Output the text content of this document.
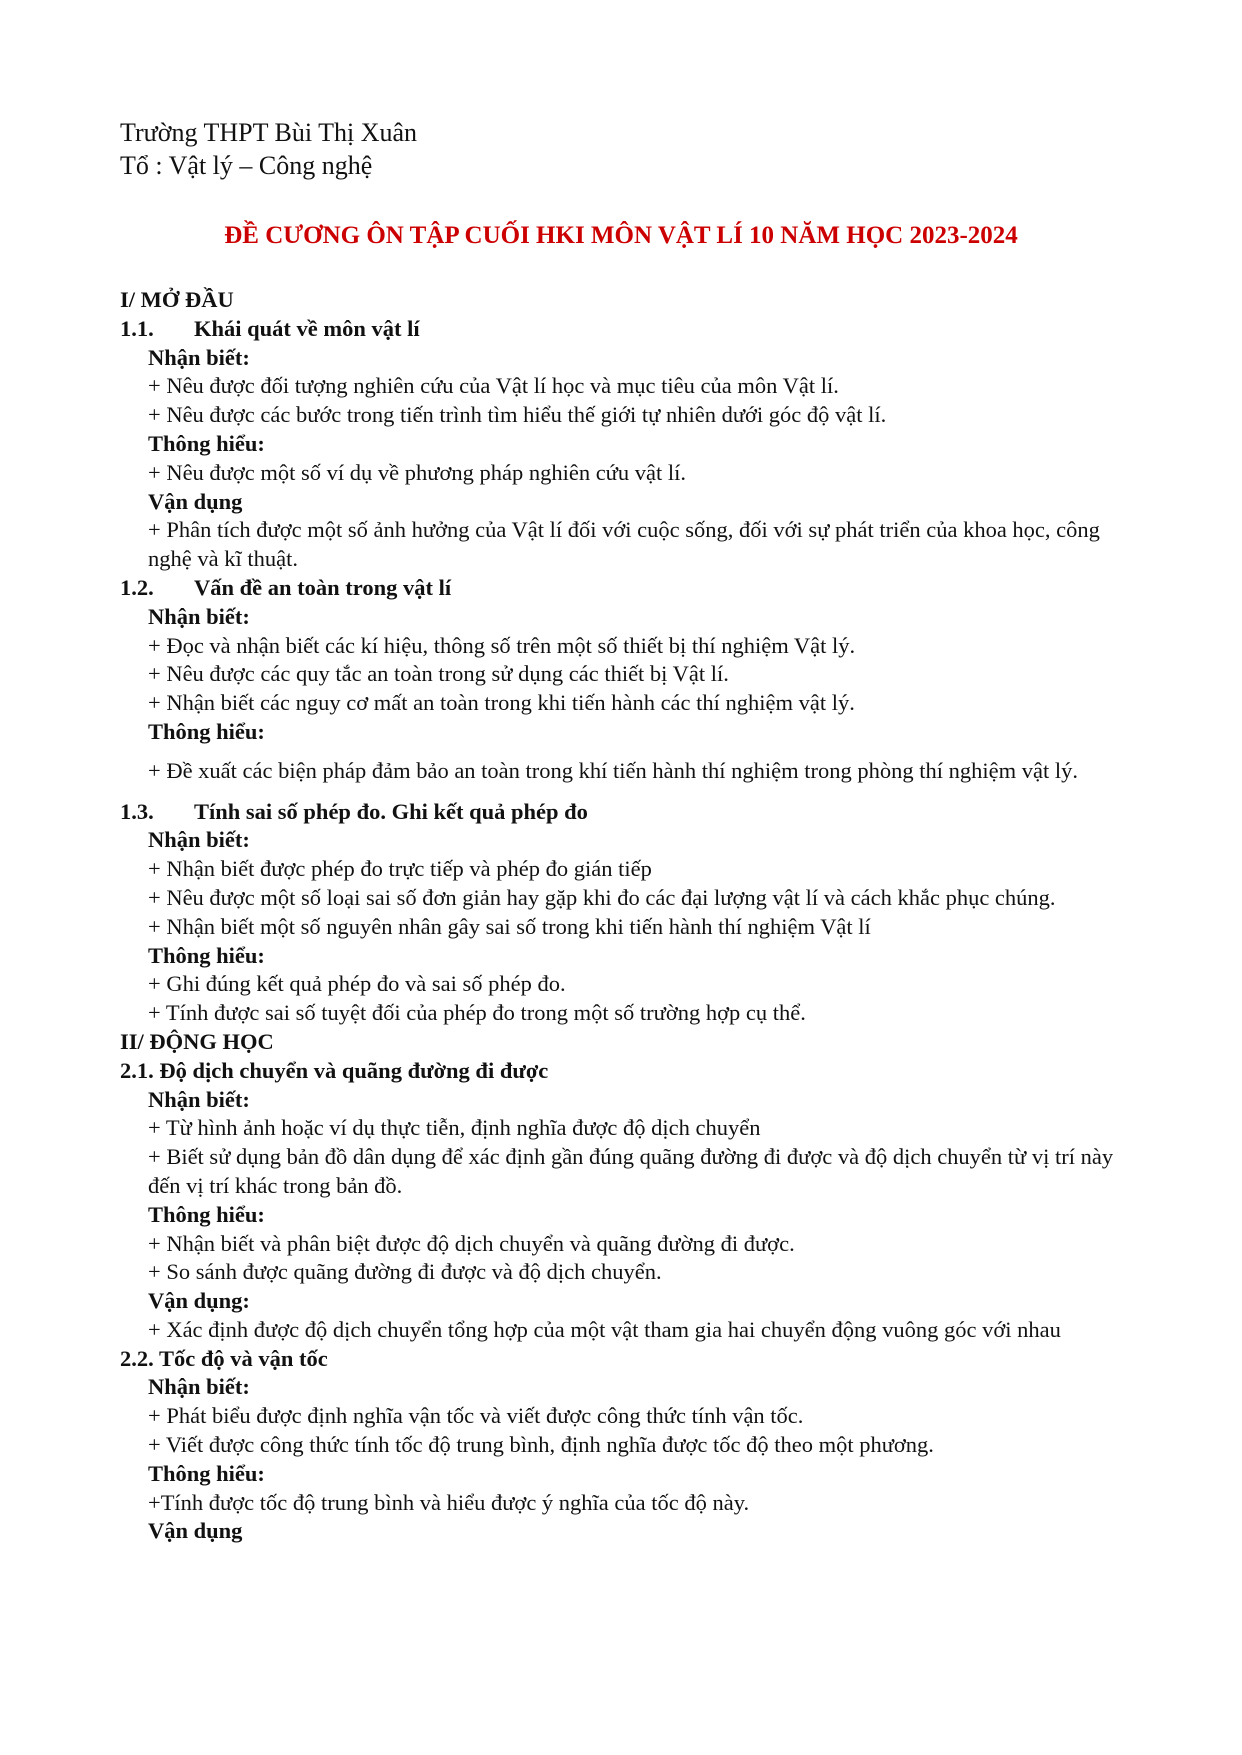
Trường THPT Bùi Thị Xuân
Tổ : Vật lý – Công nghệ
ĐỀ CƯƠNG ÔN TẬP CUỐI HKI MÔN VẬT LÍ 10 NĂM HỌC 2023-2024
I/ MỞ ĐẦU
1.1.	Khái quát về môn vật lí
Nhận biết:
+ Nêu được đối tượng nghiên cứu của Vật lí học và mục tiêu của môn Vật lí.
+ Nêu được các bước trong tiến trình tìm hiểu thế giới tự nhiên dưới góc độ vật lí.
Thông hiểu:
+ Nêu được một số ví dụ về phương pháp nghiên cứu vật lí.
Vận dụng
+ Phân tích được một số ảnh hưởng của Vật lí đối với cuộc sống, đối với sự phát triển của khoa học, công nghệ và kĩ thuật.
1.2.	Vấn đề an toàn trong vật lí
Nhận biết:
+ Đọc và nhận biết các kí hiệu, thông số trên một số thiết bị thí nghiệm Vật lý.
+ Nêu được các quy tắc an toàn trong sử dụng các thiết bị Vật lí.
+ Nhận biết các nguy cơ mất an toàn trong khi tiến hành các thí nghiệm vật lý.
Thông hiểu:
+ Đề xuất các biện pháp đảm bảo an toàn trong khí tiến hành thí nghiệm trong phòng thí nghiệm vật lý.
1.3.	Tính sai số phép đo. Ghi kết quả phép đo
Nhận biết:
+ Nhận biết được phép đo trực tiếp và phép đo gián tiếp
+ Nêu được một số loại sai số đơn giản hay gặp khi đo các đại lượng vật lí và cách khắc phục chúng.
+ Nhận biết một số nguyên nhân gây sai số trong khi tiến hành thí nghiệm Vật lí
Thông hiểu:
+ Ghi đúng kết quả phép đo và sai số phép đo.
+ Tính được sai số tuyệt đối của phép đo trong một số trường hợp cụ thể.
II/ ĐỘNG HỌC
2.1. Độ dịch chuyển và quãng đường đi được
Nhận biết:
+ Từ hình ảnh hoặc ví dụ thực tiễn, định nghĩa được độ dịch chuyển
+ Biết sử dụng bản đồ dân dụng để xác định gần đúng quãng đường đi được và độ dịch chuyển từ vị trí này đến vị trí khác trong bản đồ.
Thông hiểu:
+ Nhận biết và phân biệt được độ dịch chuyển và quãng đường đi được.
+ So sánh được quãng đường đi được và độ dịch chuyển.
Vận dụng:
+ Xác định được độ dịch chuyển tổng hợp của một vật tham gia hai chuyển động vuông góc với nhau
2.2. Tốc độ và vận tốc
Nhận biết:
+ Phát biểu được định nghĩa vận tốc và viết được công thức tính vận tốc.
+ Viết được công thức tính tốc độ trung bình, định nghĩa được tốc độ theo một phương.
Thông hiểu:
+Tính được tốc độ trung bình và hiểu được ý nghĩa của tốc độ này.
Vận dụng
